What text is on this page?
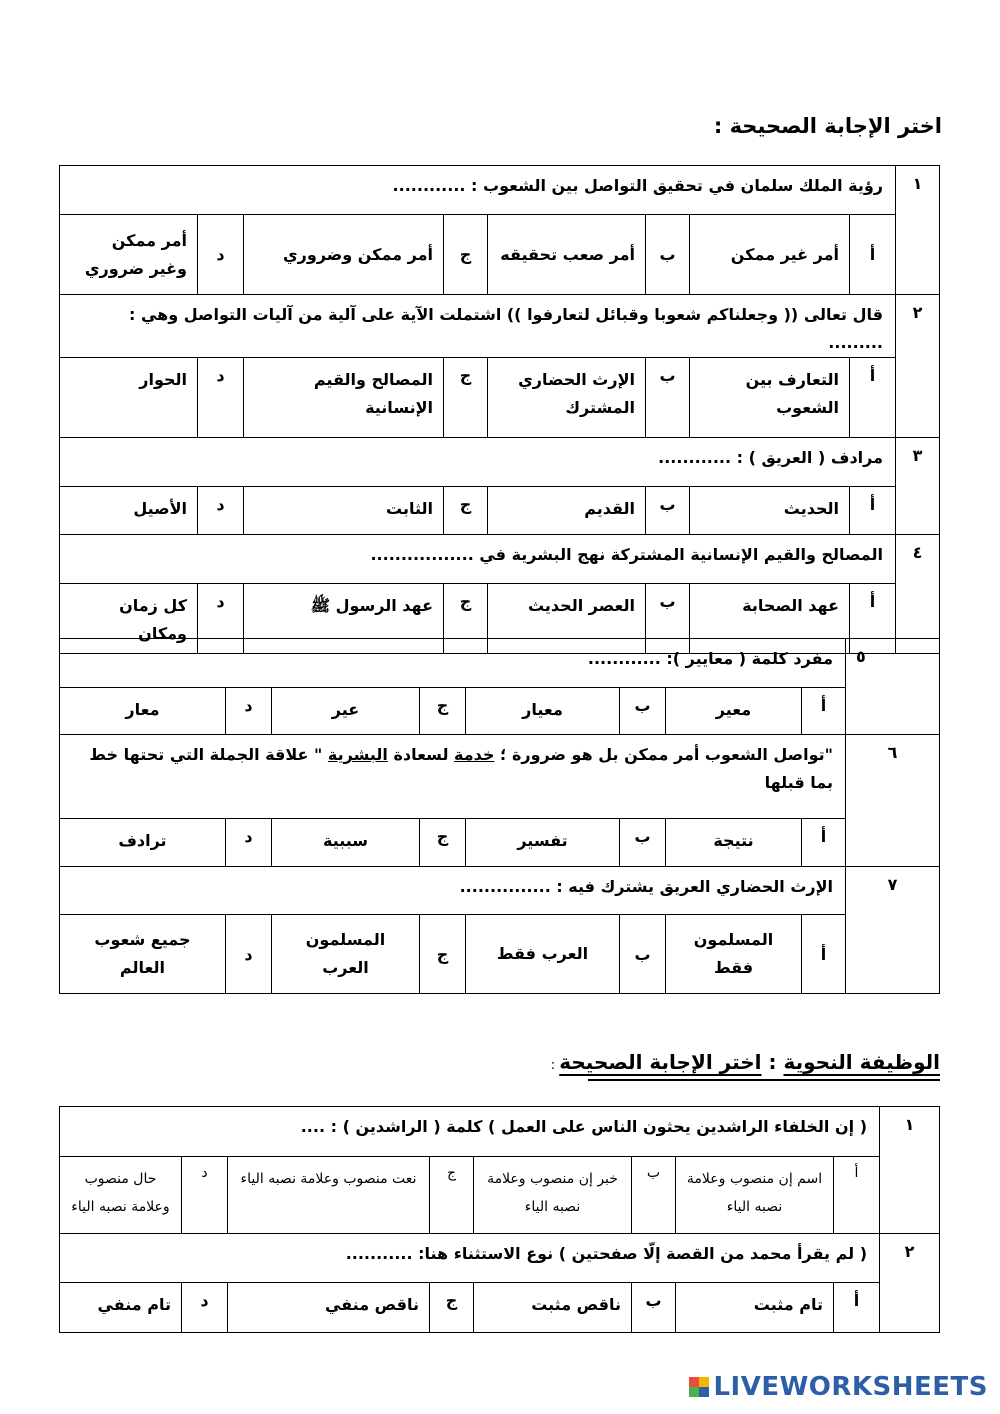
اختر الإجابة الصحيحة :
١	رؤية الملك سلمان في تحقيق التواصل بين الشعوب : ............							
	أ	أمر غير ممكن	ب	أمر صعب تحقيقه	ج	أمر ممكن وضروري	د	أمر ممكن وغير ضروري
٢	قال تعالى (( وجعلناكم شعوبا وقبائل لتعارفوا )) اشتملت الآية على آلية من آليات التواصل وهي : .........							
	أ	التعارف بين الشعوب	ب	الإرث الحضاري المشترك	ج	المصالح والقيم الإنسانية	د	الحوار
٣	مرادف ( العريق ) : ............							
	أ	الحديث	ب	القديم	ج	الثابت	د	الأصيل
٤	المصالح والقيم الإنسانية المشتركة نهج البشرية في .................							
	أ	عهد الصحابة	ب	العصر الحديث	ج	عهد الرسول ﷺ	د	كل زمان ومكان
٥	مفرد كلمة ( معايير ): ............							
	أ	معير	ب	معيار	ج	عير	د	معار
٦	"تواصل الشعوب أمر ممكن بل هو ضرورة ؛ خدمة لسعادة البشرية " علاقة الجملة التي تحتها خط بما قبلها							
	أ	نتيجة	ب	تفسير	ج	سببية	د	ترادف
٧	الإرث الحضاري العريق يشترك فيه : ...............							
	أ	المسلمون فقط	ب	العرب فقط	ج	المسلمون العرب	د	جميع شعوب العالم
الوظيفة النحوية : اختر الإجابة الصحيحة :
١	( إن الخلفاء الراشدين يحثون الناس على العمل ) كلمة ( الراشدين ) : ....							
	أ	اسم إن منصوب وعلامة نصبه الياء	ب	خبر إن منصوب وعلامة نصبه الياء	ج	نعت منصوب وعلامة نصبه الياء	د	حال منصوب وعلامة نصبه الياء
٢	( لم يقرأ محمد من القصة إلّا صفحتين ) نوع الاستثناء هنا: ...........							
	أ	تام مثبت	ب	ناقص مثبت	ج	ناقص منفي	د	تام منفي
LIVEWORKSHEETS
